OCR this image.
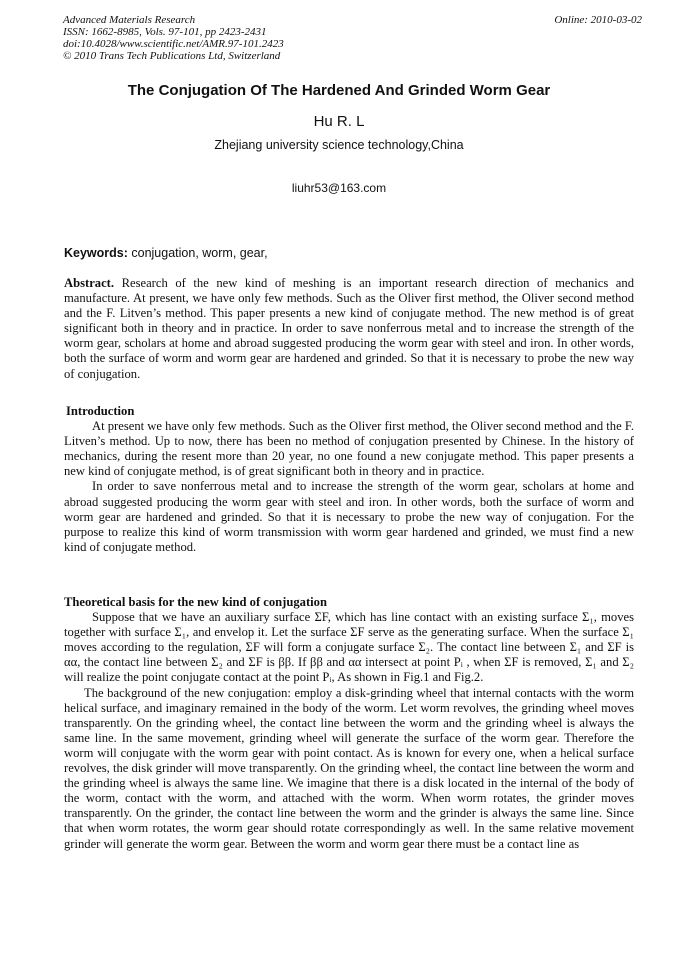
Advanced Materials Research
ISSN: 1662-8985, Vols. 97-101, pp 2423-2431
doi:10.4028/www.scientific.net/AMR.97-101.2423
© 2010 Trans Tech Publications Ltd, Switzerland
Online: 2010-03-02
The Conjugation Of The Hardened And Grinded Worm Gear
Hu R. L
Zhejiang university science technology,China
liuhr53@163.com
Keywords: conjugation, worm, gear,

Abstract. Research of the new kind of meshing is an important research direction of mechanics and manufacture. At present, we have only few methods. Such as the Oliver first method, the Oliver second method and the F. Litven’s method. This paper presents a new kind of conjugate method. The new method is of great significant both in theory and in practice. In order to save nonferrous metal and to increase the strength of the worm gear, scholars at home and abroad suggested producing the worm gear with steel and iron. In other words, both the surface of worm and worm gear are hardened and grinded. So that it is necessary to probe the new way of conjugation.

Introduction

At present we have only few methods. Such as the Oliver first method, the Oliver second method and the F. Litven’s method. Up to now, there has been no method of conjugation presented by Chinese. In the history of mechanics, during the resent more than 20 year, no one found a new conjugate method. This paper presents a new kind of conjugate method, is of great significant both in theory and in practice.

In order to save nonferrous metal and to increase the strength of the worm gear, scholars at home and abroad suggested producing the worm gear with steel and iron. In other words, both the surface of worm and worm gear are hardened and grinded. So that it is necessary to probe the new way of conjugation. For the purpose to realize this kind of worm transmission with worm gear hardened and grinded, we must find a new kind of conjugate method.

Theoretical basis for the new kind of conjugation

Suppose that we have an auxiliary surface ΣF, which has line contact with an existing surface Σ₁, moves together with surface Σ₁, and envelop it. Let the surface ΣF serve as the generating surface. When the surface Σ₁ moves according to the regulation, ΣF will form a conjugate surface Σ₂. The contact line between Σ₁ and ΣF is αα, the contact line between Σ₂ and ΣF is ββ. If ββ and αα intersect at point Pᵢ , when ΣF is removed, Σ₁ and Σ₂ will realize the point conjugate contact at the point Pᵢ, As shown in Fig.1 and Fig.2.

The background of the new conjugation: employ a disk-grinding wheel that internal contacts with the worm helical surface, and imaginary remained in the body of the worm. Let worm revolves, the grinding wheel moves transparently. On the grinding wheel, the contact line between the worm and the grinding wheel is always the same line. In the same movement, grinding wheel will generate the surface of the worm gear. Therefore the worm will conjugate with the worm gear with point contact. As is known for every one, when a helical surface revolves, the disk grinder will move transparently. On the grinding wheel, the contact line between the worm and the grinding wheel is always the same line. We imagine that there is a disk located in the internal of the body of the worm, contact with the worm, and attached with the worm. When worm rotates, the grinder moves transparently. On the grinder, the contact line between the worm and the grinder is always the same line. Since that when worm rotates, the worm gear should rotate correspondingly as well. In the same relative movement grinder will generate the worm gear. Between the worm and worm gear there must be a contact line as
